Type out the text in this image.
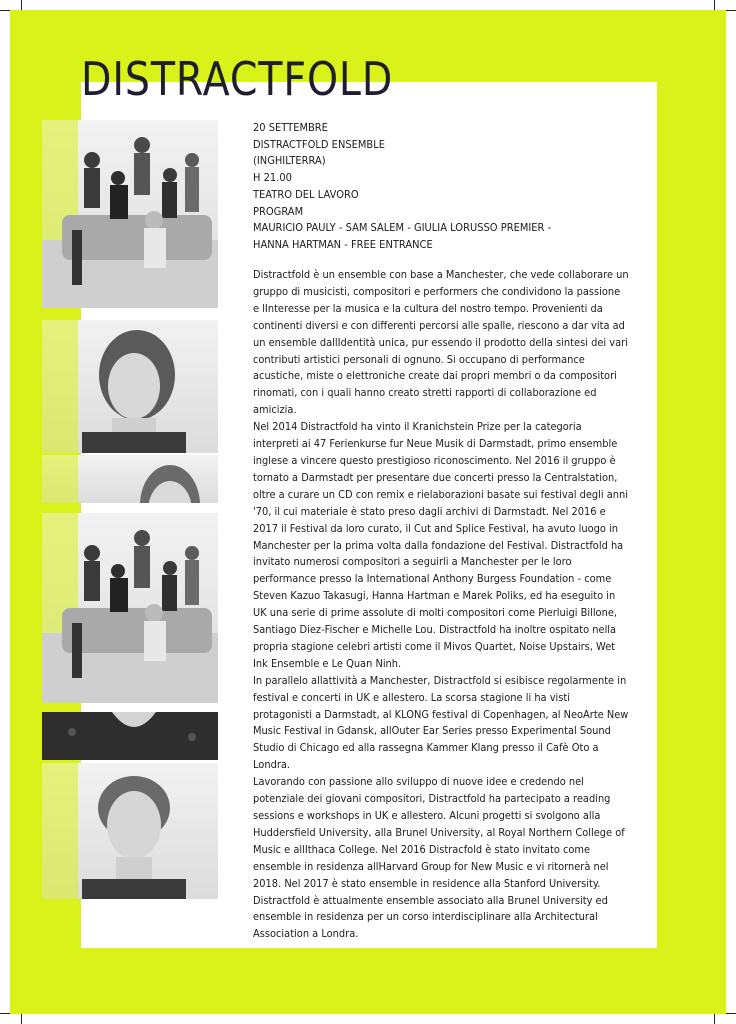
DISTRACTFOLD
20 SETTEMBRE
DISTRACTFOLD ENSEMBLE
(INGHILTERRA)
H 21.00
TEATRO DEL LAVORO
PROGRAM
MAURICIO PAULY - SAM SALEM - GIULIA LORUSSO PREMIER -
HANNA HARTMAN - FREE ENTRANCE
Distractfold è un ensemble con base a Manchester, che vede collaborare un gruppo di musicisti, compositori e performers che condividono la passione e lInteresse per la musica e la cultura del nostro tempo. Provenienti da continenti diversi e con differenti percorsi alle spalle, riescono a dar vita ad un ensemble dallIdentità unica, pur essendo il prodotto della sintesi dei vari contributi artistici personali di ognuno. Si occupano di performance acustiche, miste o elettroniche create dai propri membri o da compositori rinomati, con i quali hanno creato stretti rapporti di collaborazione ed amicizia.
Nel 2014 Distractfold ha vinto il Kranichstein Prize per la categoria interpreti ai 47 Ferienkurse fur Neue Musik di Darmstadt, primo ensemble inglese a vincere questo prestigioso riconoscimento. Nel 2016 il gruppo è tornato a Darmstadt per presentare due concerti presso la Centralstation, oltre a curare un CD con remix e rielaborazioni basate sui festival degli anni '70, il cui materiale è stato preso dagli archivi di Darmstadt. Nel 2016 e 2017 il Festival da loro curato, il Cut and Splice Festival, ha avuto luogo in Manchester per la prima volta dalla fondazione del Festival. Distractfold ha invitato numerosi compositori a seguirli a Manchester per le loro performance presso la International Anthony Burgess Foundation - come Steven Kazuo Takasugi, Hanna Hartman e Marek Poliks, ed ha eseguito in UK una serie di prime assolute di molti compositori come Pierluigi Billone, Santiago Diez-Fischer e Michelle Lou. Distractfold ha inoltre ospitato nella propria stagione celebri artisti come il Mivos Quartet, Noise Upstairs, Wet Ink Ensemble e Le Quan Ninh.
In parallelo allattività a Manchester, Distractfold si esibisce regolarmente in festival e concerti in UK e allestero. La scorsa stagione li ha visti protagonisti a Darmstadt, al KLONG festival di Copenhagen, al NeoArte New Music Festival in Gdansk, allOuter Ear Series presso Experimental Sound Studio di Chicago ed alla rassegna Kammer Klang presso il Cafè Oto a Londra.
Lavorando con passione allo sviluppo di nuove idee e credendo nel potenziale dei giovani compositori, Distractfold ha partecipato a reading sessions e workshops in UK e allestero. Alcuni progetti si svolgono alla Huddersfield University, alla Brunel University, al Royal Northern College of Music e allIthaca College. Nel 2016 Distracfold è stato invitato come ensemble in residenza allHarvard Group for New Music e vi ritornerà nel 2018. Nel 2017 è stato ensemble in residence alla Stanford University. Distractfold è attualmente ensemble associato alla Brunel University ed ensemble in residenza per un corso interdisciplinare alla Architectural Association a Londra.
